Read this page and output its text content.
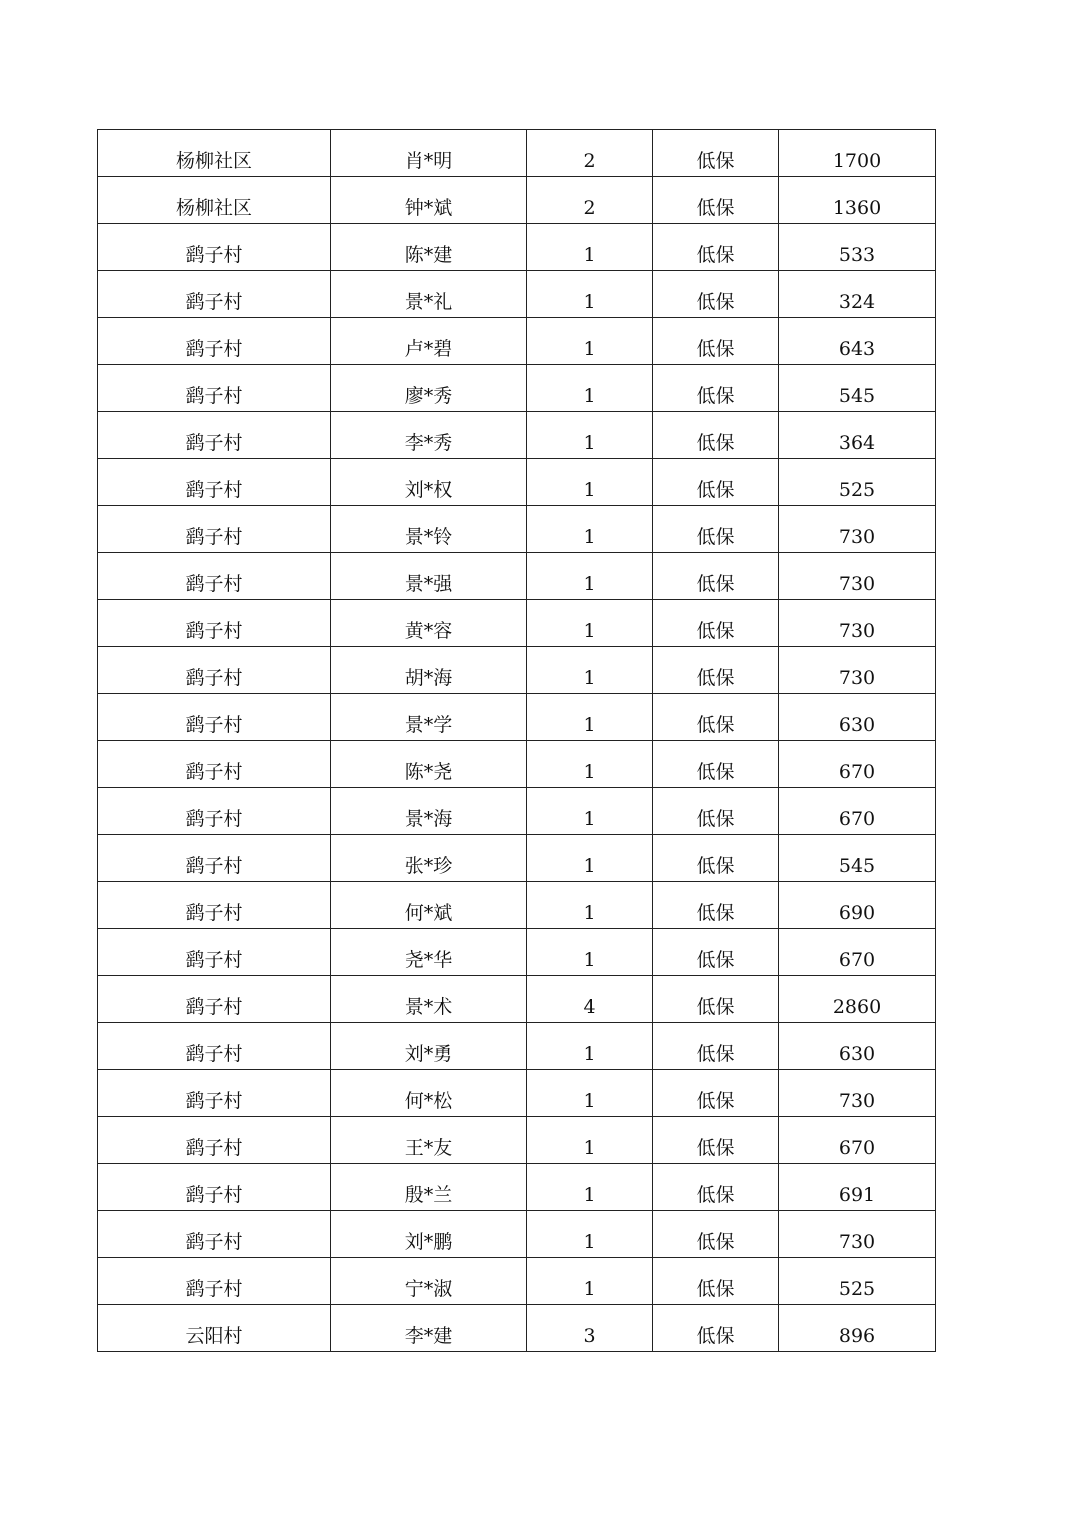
杨柳社区	肖*明	2	低保	1700
杨柳社区	钟*斌	2	低保	1360
鹞子村	陈*建	1	低保	533
鹞子村	景*礼	1	低保	324
鹞子村	卢*碧	1	低保	643
鹞子村	廖*秀	1	低保	545
鹞子村	李*秀	1	低保	364
鹞子村	刘*权	1	低保	525
鹞子村	景*铃	1	低保	730
鹞子村	景*强	1	低保	730
鹞子村	黄*容	1	低保	730
鹞子村	胡*海	1	低保	730
鹞子村	景*学	1	低保	630
鹞子村	陈*尧	1	低保	670
鹞子村	景*海	1	低保	670
鹞子村	张*珍	1	低保	545
鹞子村	何*斌	1	低保	690
鹞子村	尧*华	1	低保	670
鹞子村	景*术	4	低保	2860
鹞子村	刘*勇	1	低保	630
鹞子村	何*松	1	低保	730
鹞子村	王*友	1	低保	670
鹞子村	殷*兰	1	低保	691
鹞子村	刘*鹏	1	低保	730
鹞子村	宁*淑	1	低保	525
云阳村	李*建	3	低保	896
